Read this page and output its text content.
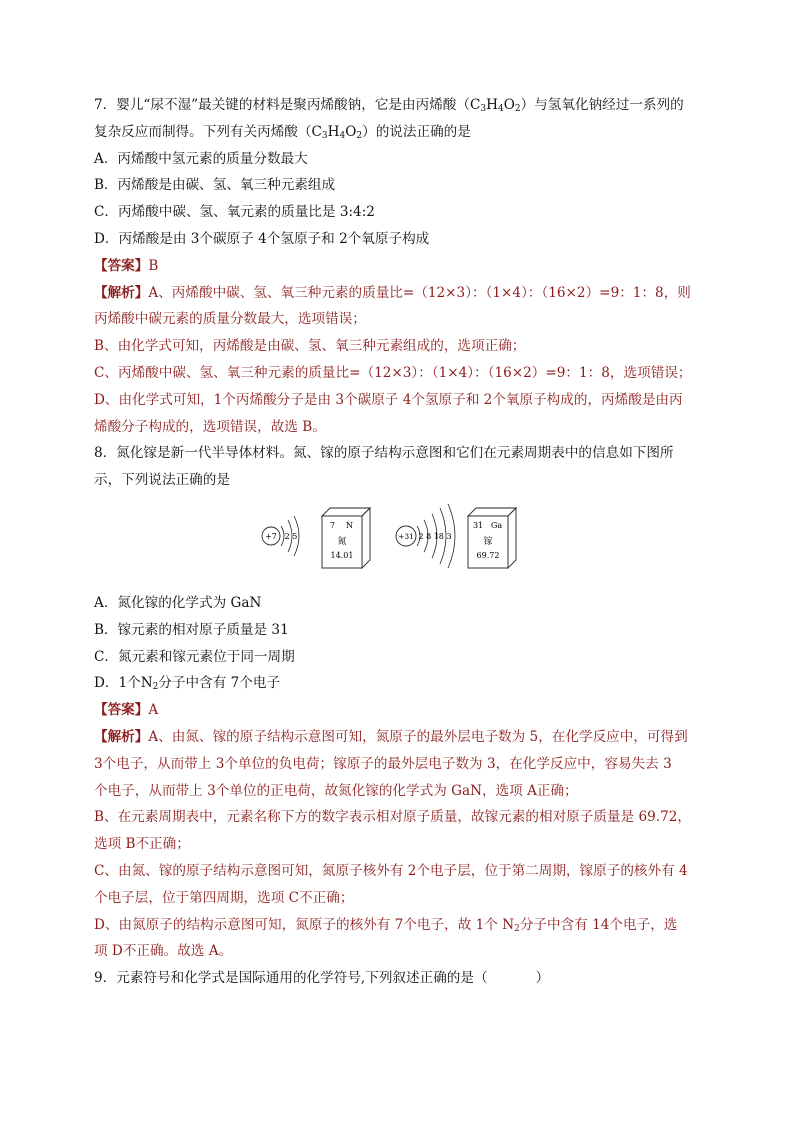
7．婴儿“尿不湿”最关键的材料是聚丙烯酸钠，它是由丙烯酸$(C_3H_4O_2)$与氢氧化钠经过一系列的
复杂反应而制得。下列有关丙烯酸$(C_3H_4O_2)$的说法正确的是
A．丙烯酸中氢元素的质量分数最大
B．丙烯酸是由碳、氢、氧三种元素组成
C．丙烯酸中碳、氢、氧元素的质量比是 3:4:2
D．丙烯酸是由 3个碳原子 4个氢原子和 2个氧原子构成
【答案】B
【解析】A、丙烯酸中碳、氢、氧三种元素的质量比=（12×3）：（1×4）：（16×2）=9：1：8，则
丙烯酸中碳元素的质量分数最大，选项错误；
B、由化学式可知，丙烯酸是由碳、氢、氧三种元素组成的，选项正确；
C、丙烯酸中碳、氢、氧三种元素的质量比=（12×3）：（1×4）：（16×2）=9：1：8，选项错误；
D、由化学式可知，1个丙烯酸分子是由 3个碳原子 4个氢原子和 2个氧原子构成的，丙烯酸是由丙
烯酸分子构成的，选项错误，故选 B。
8．氮化镓是新一代半导体材料。氮、镓的原子结构示意图和它们在元素周期表中的信息如下图所
示，下列说法正确的是
+7 2 5
7 N
氮
14.01
+31 2 8 18 3
31 Ga
镓
69.72
A．氮化镓的化学式为 GaN
B．镓元素的相对原子质量是 31
C．氮元素和镓元素位于同一周期
D．1个$N_2$分子中含有 7个电子
【答案】A
【解析】A、由氮、镓的原子结构示意图可知，氮原子的最外层电子数为 5，在化学反应中，可得到
3个电子，从而带上 3个单位的负电荷；镓原子的最外层电子数为 3，在化学反应中，容易失去 3
个电子，从而带上 3个单位的正电荷，故氮化镓的化学式为 GaN，选项 A正确；
B、在元素周期表中，元素名称下方的数字表示相对原子质量，故镓元素的相对原子质量是 69.72，
选项 B不正确；
C、由氮、镓的原子结构示意图可知，氮原子核外有 2个电子层，位于第二周期，镓原子的核外有 4
个电子层，位于第四周期，选项 C不正确；
D、由氮原子的结构示意图可知，氮原子的核外有 7个电子，故 1个 $N_2$分子中含有 14个电子，选
项 D不正确。故选 A。
9．元素符号和化学式是国际通用的化学符号,下列叙述正确的是（	）
